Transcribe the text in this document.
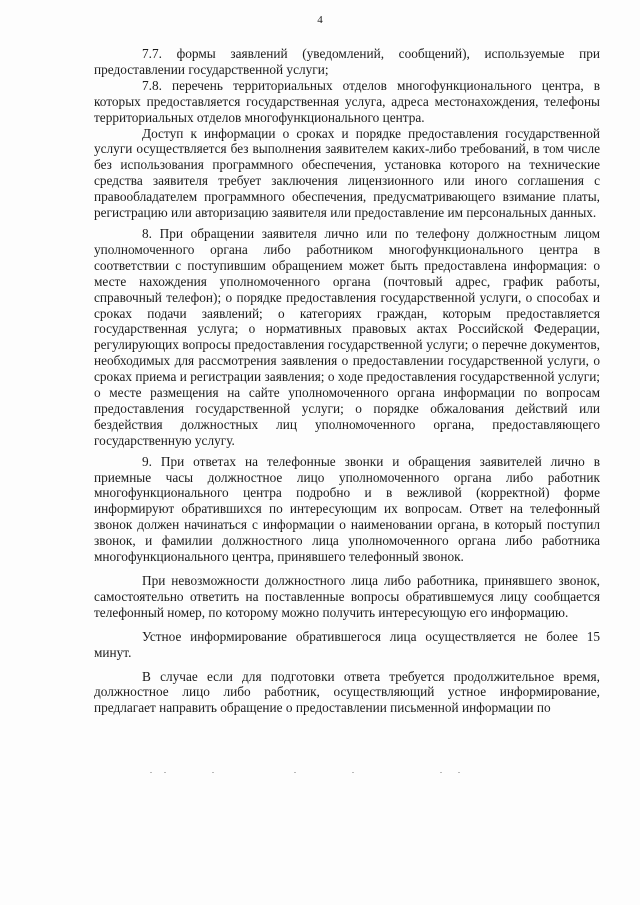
4

7.7. формы заявлений (уведомлений, сообщений), используемые при предоставлении государственной услуги;

7.8. перечень территориальных отделов многофункционального центра, в которых предоставляется государственная услуга, адреса местонахождения, телефоны территориальных отделов многофункционального центра.

Доступ к информации о сроках и порядке предоставления государственной услуги осуществляется без выполнения заявителем каких-либо требований, в том числе без использования программного обеспечения, установка которого на технические средства заявителя требует заключения лицензионного или иного соглашения с правообладателем программного обеспечения, предусматривающего взимание платы, регистрацию или авторизацию заявителя или предоставление им персональных данных.

8. При обращении заявителя лично или по телефону должностным лицом уполномоченного органа либо работником многофункционального центра в соответствии с поступившим обращением может быть предоставлена информация: о месте нахождения уполномоченного органа (почтовый адрес, график работы, справочный телефон); о порядке предоставления государственной услуги, о способах и сроках подачи заявлений; о категориях граждан, которым предоставляется государственная услуга; о нормативных правовых актах Российской Федерации, регулирующих вопросы предоставления государственной услуги; о перечне документов, необходимых для рассмотрения заявления о предоставлении государственной услуги, о сроках приема и регистрации заявления; о ходе предоставления государственной услуги; о месте размещения на сайте уполномоченного органа информации по вопросам предоставления государственной услуги; о порядке обжалования действий или бездействия должностных лиц уполномоченного органа, предоставляющего государственную услугу.

9. При ответах на телефонные звонки и обращения заявителей лично в приемные часы должностное лицо уполномоченного органа либо работник многофункционального центра подробно и в вежливой (корректной) форме информируют обратившихся по интересующим их вопросам. Ответ на телефонный звонок должен начинаться с информации о наименовании органа, в который поступил звонок, и фамилии должностного лица уполномоченного органа либо работника многофункционального центра, принявшего телефонный звонок.

При невозможности должностного лица либо работника, принявшего звонок, самостоятельно ответить на поставленные вопросы обратившемуся лицу сообщается телефонный номер, по которому можно получить интересующую его информацию.

Устное информирование обратившегося лица осуществляется не более 15 минут.

В случае если для подготовки ответа требуется продолжительное время, должностное лицо либо работник, осуществляющий устное информирование, предлагает направить обращение о предоставлении письменной информации по
